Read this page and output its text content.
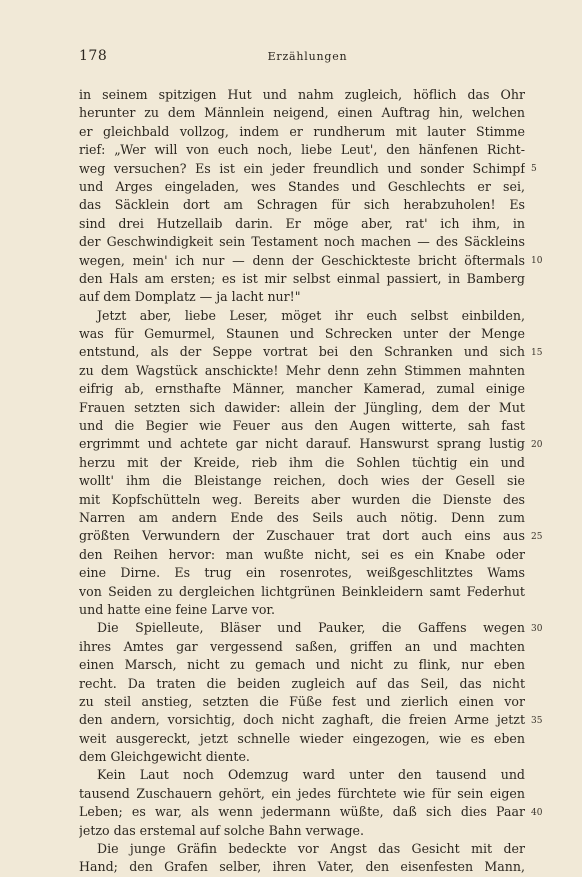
178	Erzählungen
in seinem spitzigen Hut und nahm zugleich, höflich das Ohr
herunter zu dem Männlein neigend, einen Auftrag hin, welchen
er gleichbald vollzog, indem er rundherum mit lauter Stimme
rief: „Wer will von euch noch, liebe Leut', den hänfenen Richt-
weg versuchen? Es ist ein jeder freundlich und sonder Schimpf
und Arges eingeladen, wes Standes und Geschlechts er sei,
das Säcklein dort am Schragen für sich herabzuholen! Es
sind drei Hutzellaib darin. Er möge aber, rat' ich ihm, in
der Geschwindigkeit sein Testament noch machen — des Säckleins
wegen, mein' ich nur — denn der Geschickteste bricht öftermals
den Hals am ersten; es ist mir selbst einmal passiert, in Bamberg
auf dem Domplatz — ja lacht nur!"
Jetzt aber, liebe Leser, möget ihr euch selbst einbilden,
was für Gemurmel, Staunen und Schrecken unter der Menge
entstund, als der Seppe vortrat bei den Schranken und sich
zu dem Wagstück anschickte! Mehr denn zehn Stimmen mahnten
eifrig ab, ernsthafte Männer, mancher Kamerad, zumal einige
Frauen setzten sich dawider: allein der Jüngling, dem der Mut
und die Begier wie Feuer aus den Augen witterte, sah fast
ergrimmt und achtete gar nicht darauf. Hanswurst sprang lustig
herzu mit der Kreide, rieb ihm die Sohlen tüchtig ein und
wollt' ihm die Bleistange reichen, doch wies der Gesell sie
mit Kopfschütteln weg. Bereits aber wurden die Dienste des
Narren am andern Ende des Seils auch nötig. Denn zum
größten Verwundern der Zuschauer trat dort auch eins aus
den Reihen hervor: man wußte nicht, sei es ein Knabe oder
eine Dirne. Es trug ein rosenrotes, weißgeschlitztes Wams
von Seiden zu dergleichen lichtgrünen Beinkleidern samt Federhut
und hatte eine feine Larve vor.
Die Spielleute, Bläser und Pauker, die Gaffens wegen
ihres Amtes gar vergessend saßen, griffen an und machten
einen Marsch, nicht zu gemach und nicht zu flink, nur eben
recht. Da traten die beiden zugleich auf das Seil, das nicht
zu steil anstieg, setzten die Füße fest und zierlich einen vor
den andern, vorsichtig, doch nicht zaghaft, die freien Arme jetzt
weit ausgereckt, jetzt schnelle wieder eingezogen, wie es eben
dem Gleichgewicht diente.
Kein Laut noch Odemzug ward unter den tausend und
tausend Zuschauern gehört, ein jedes fürchtete wie für sein eigen
Leben; es war, als wenn jedermann wüßte, daß sich dies Paar
jetzo das erstemal auf solche Bahn verwage.
Die junge Gräfin bedeckte vor Angst das Gesicht mit der
Hand; den Grafen selber, ihren Vater, den eisenfesten Mann,
5
10
15
20
25
30
35
40
